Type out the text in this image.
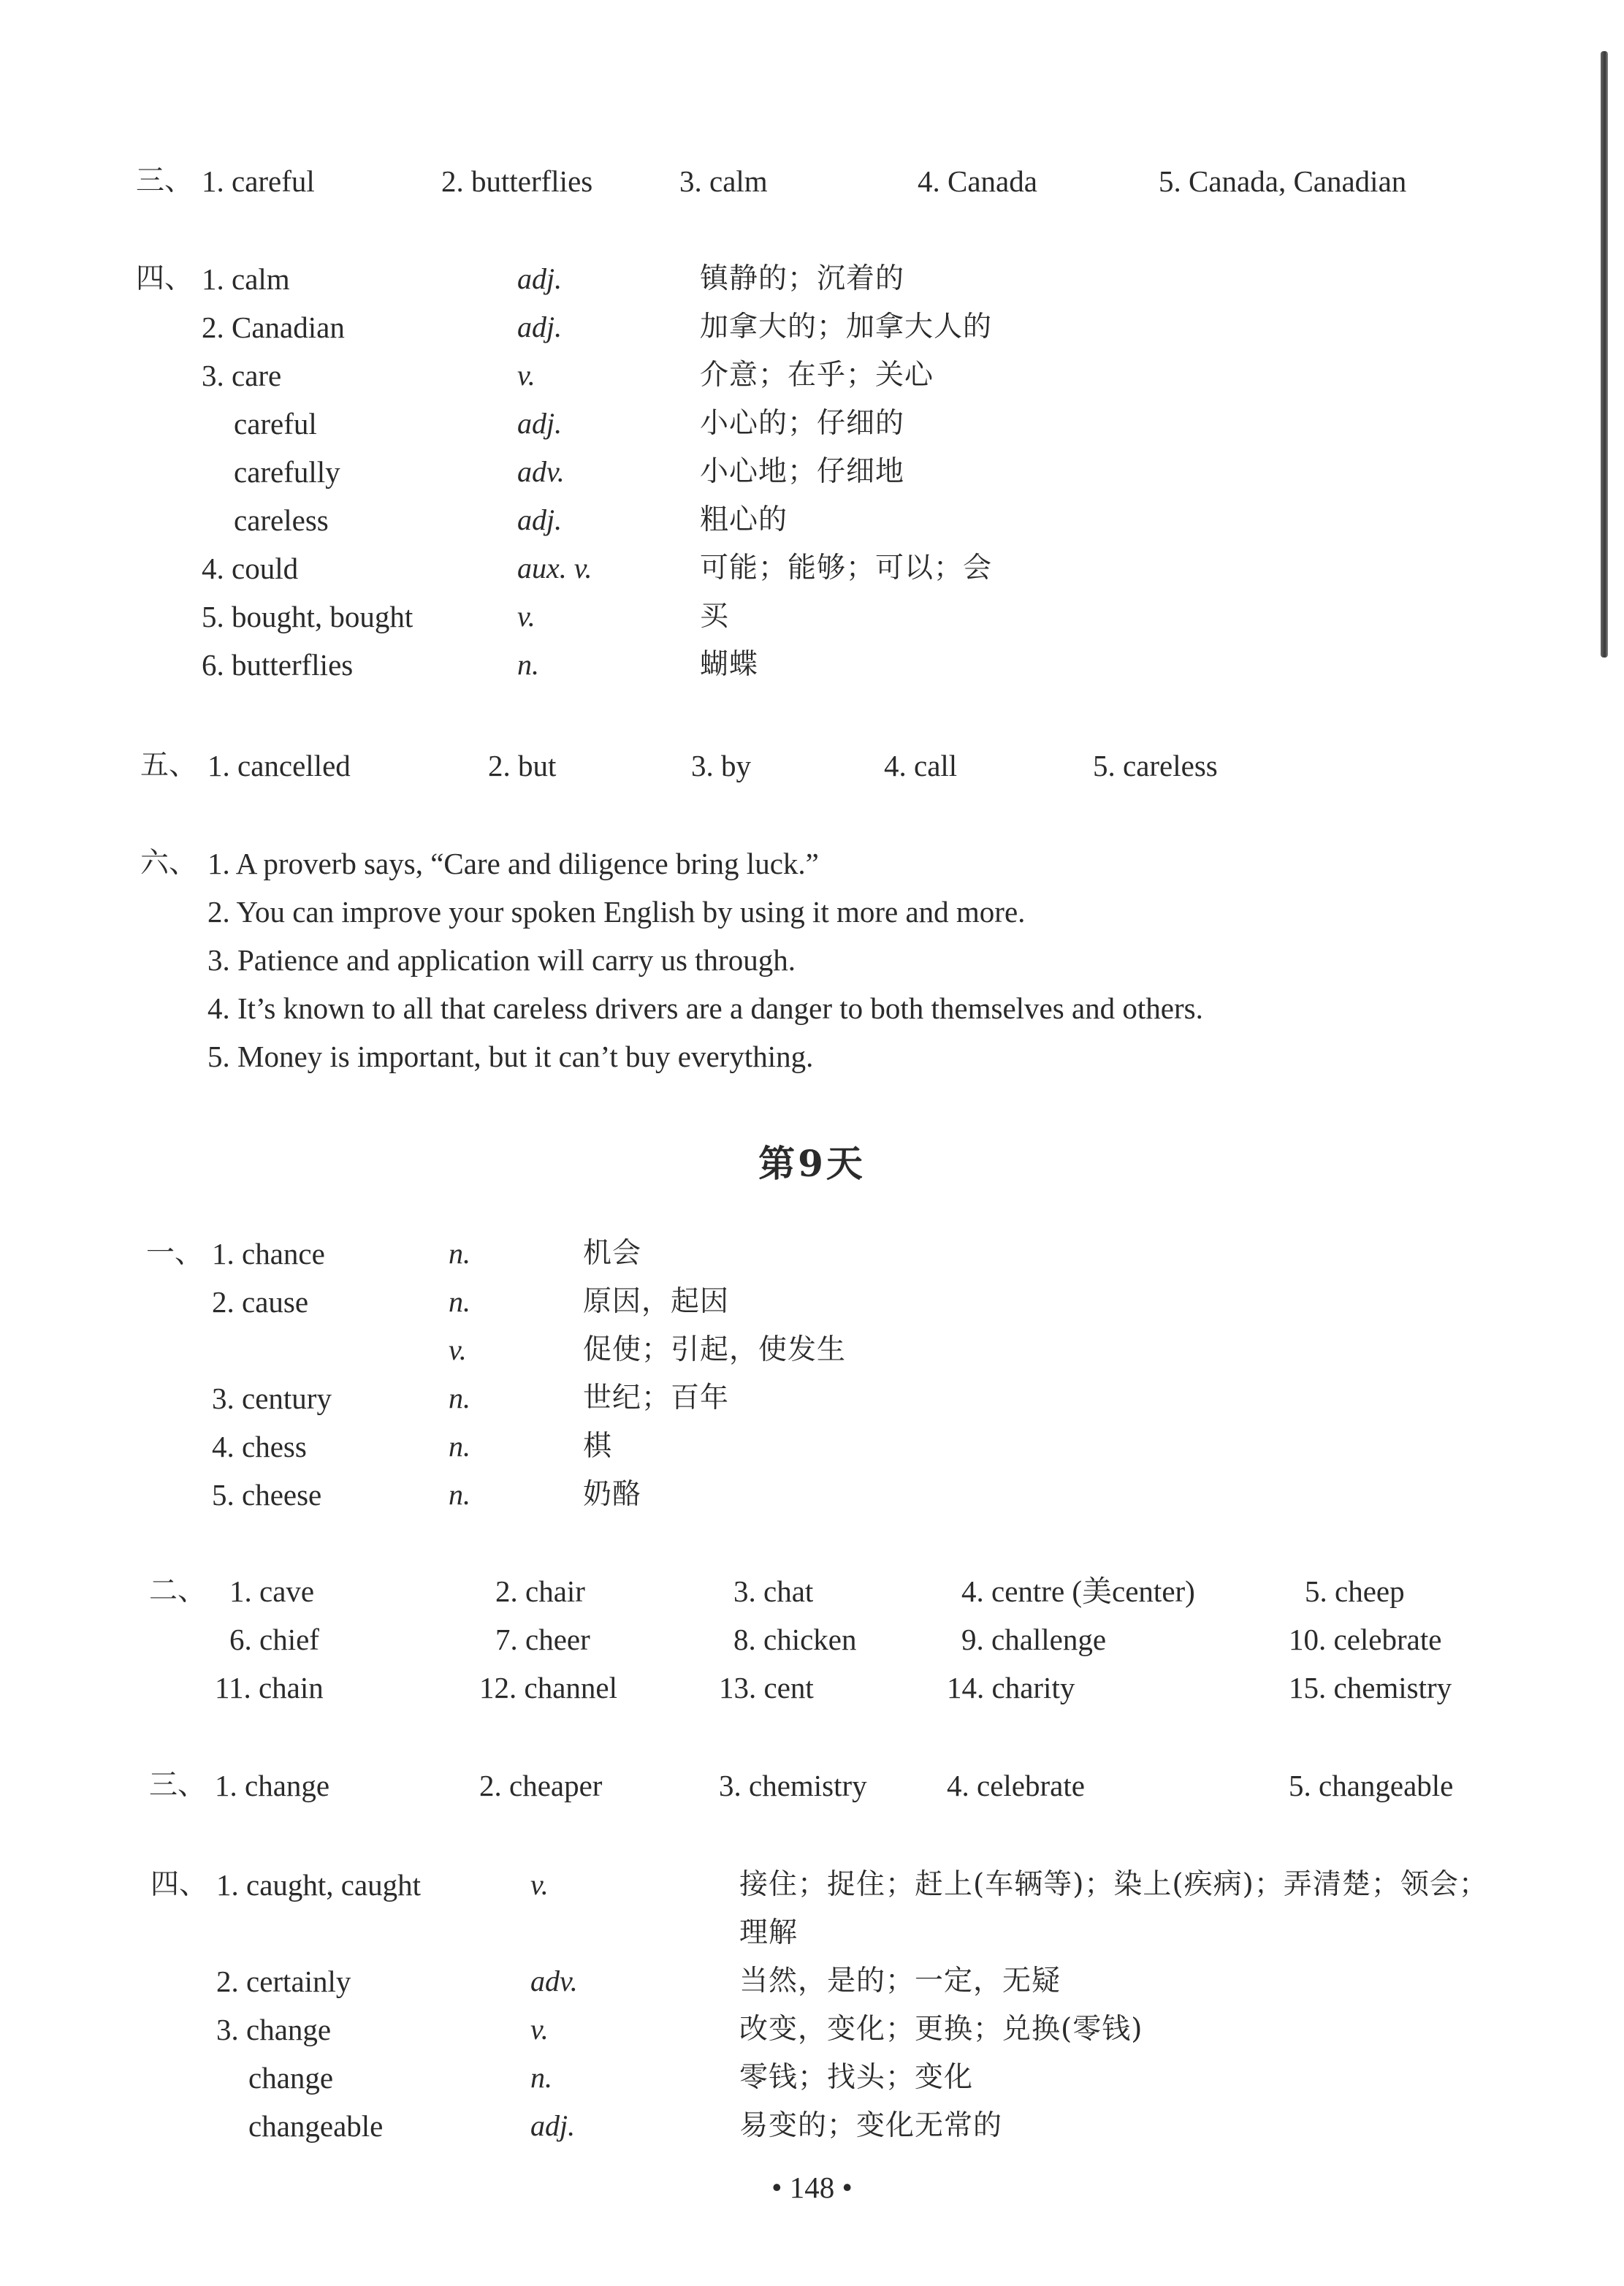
三、 1. careful	2. butterflies	3. calm	4. Canada	5. Canada, Canadian
四、 1. calm	adj.	镇静的；沉着的
2. Canadian	adj.	加拿大的；加拿大人的
3. care	v.	介意；在乎；关心
careful	adj.	小心的；仔细的
carefully	adv.	小心地；仔细地
careless	adj.	粗心的
4. could	aux. v.	可能；能够；可以；会
5. bought, bought	v.	买
6. butterflies	n.	蝴蝶
五、 1. cancelled	2. but	3. by	4. call	5. careless
六、 1. A proverb says, “Care and diligence bring luck.”
2. You can improve your spoken English by using it more and more.
3. Patience and application will carry us through.
4. It’s known to all that careless drivers are a danger to both themselves and others.
5. Money is important, but it can’t buy everything.
第9天
一、 1. chance	n.	机会
2. cause	n.	原因，起因
v.	促使；引起，使发生
3. century	n.	世纪；百年
4. chess	n.	棋
5. cheese	n.	奶酪
二、 1. cave	2. chair	3. chat	4. centre (美center)	5. cheep
6. chief	7. cheer	8. chicken	9. challenge	10. celebrate
11. chain	12. channel	13. cent	14. charity	15. chemistry
三、 1. change	2. cheaper	3. chemistry	4. celebrate	5. changeable
四、 1. caught, caught	v.	接住；捉住；赶上(车辆等)；染上(疾病)；弄清楚；领会；
理解
2. certainly	adv.	当然，是的；一定，无疑
3. change	v.	改变，变化；更换；兑换(零钱)
change	n.	零钱；找头；变化
changeable	adj.	易变的；变化无常的
• 148 •
